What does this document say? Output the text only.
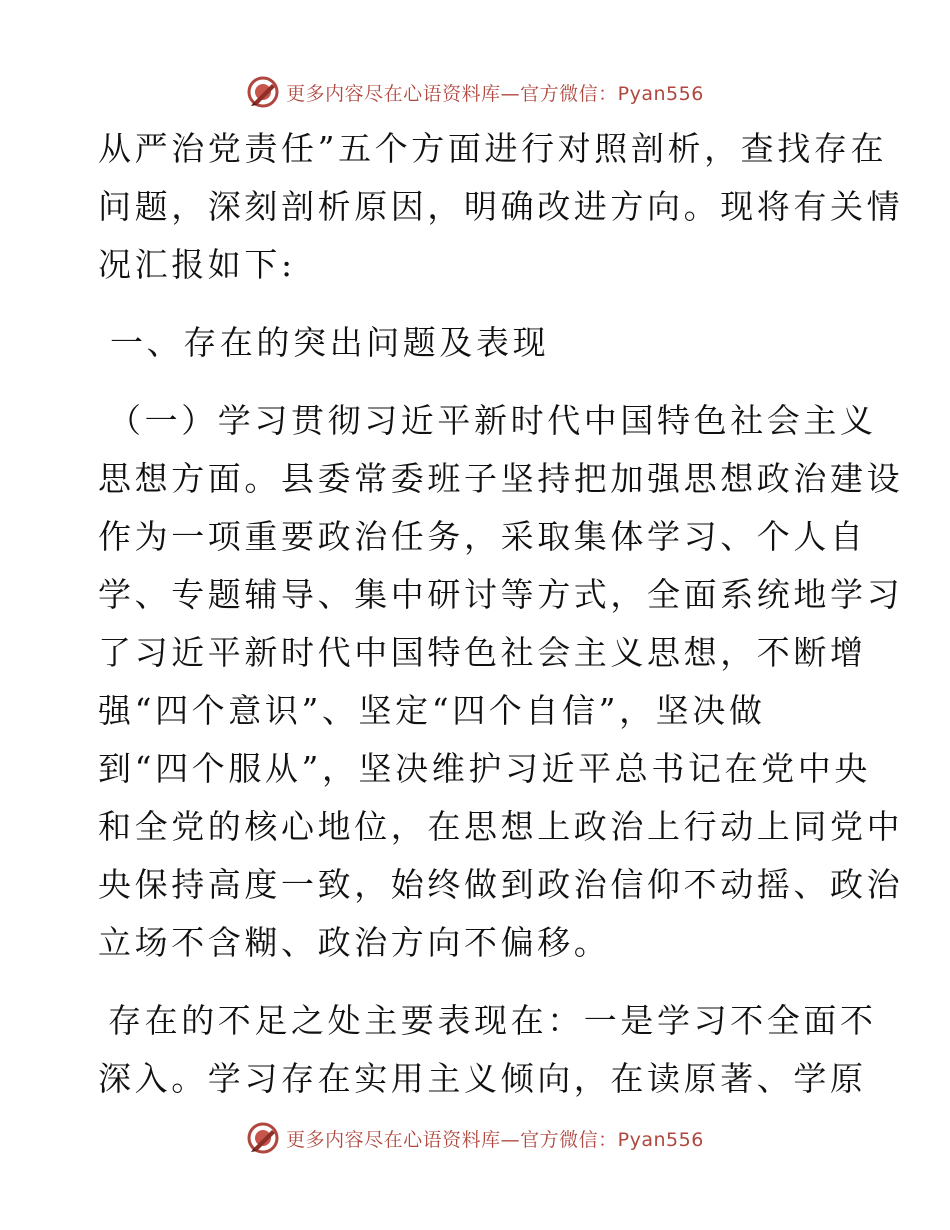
更多内容尽在心语资料库—官方微信：Pyan556
从严治党责任”五个方面进行对照剖析，查找存在
问题，深刻剖析原因，明确改进方向。现将有关情
况汇报如下:
一、存在的突出问题及表现
（一）学习贯彻习近平新时代中国特色社会主义
思想方面。县委常委班子坚持把加强思想政治建设
作为一项重要政治任务，采取集体学习、个人自
学、专题辅导、集中研讨等方式，全面系统地学习
了习近平新时代中国特色社会主义思想，不断增
强“四个意识”、坚定“四个自信”，坚决做
到“四个服从”，坚决维护习近平总书记在党中央
和全党的核心地位，在思想上政治上行动上同党中
央保持高度一致，始终做到政治信仰不动摇、政治
立场不含糊、政治方向不偏移。
存在的不足之处主要表现在：一是学习不全面不
深入。学习存在实用主义倾向，在读原著、学原
更多内容尽在心语资料库—官方微信：Pyan556
